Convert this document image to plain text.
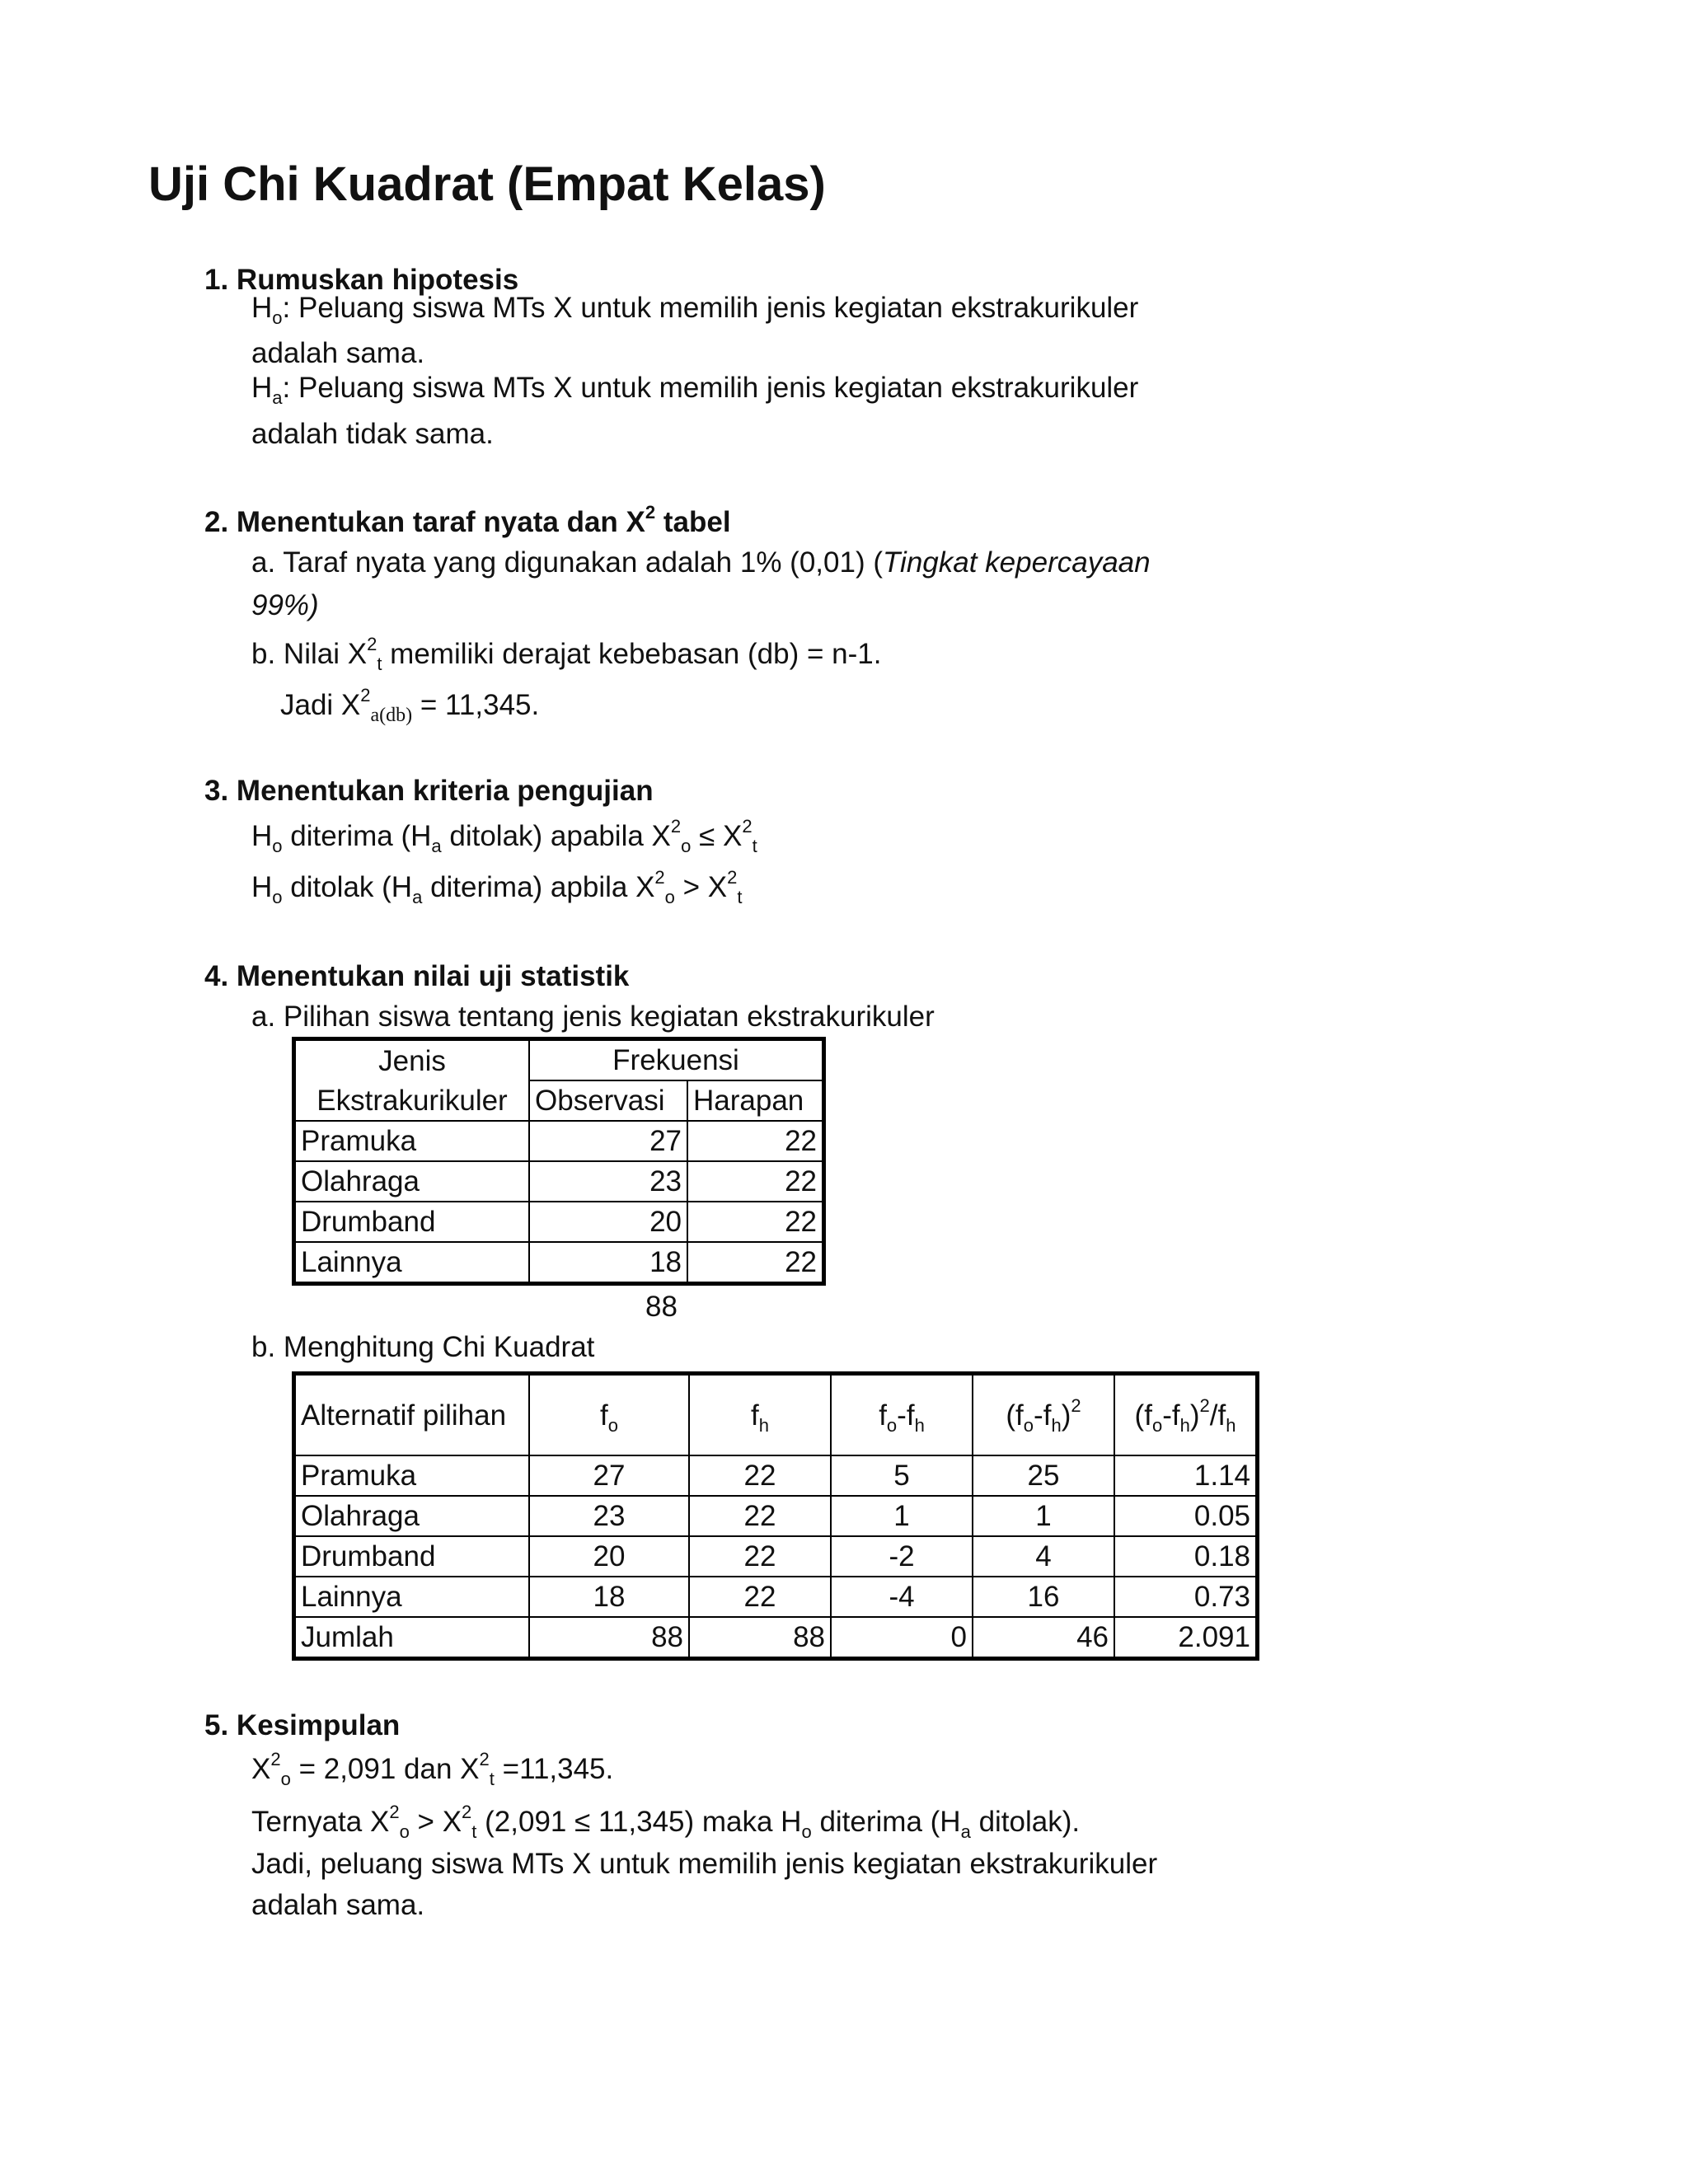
Uji Chi Kuadrat (Empat Kelas)
1. Rumuskan hipotesis
$H_o$: Peluang siswa MTs X untuk memilih jenis kegiatan ekstrakurikuler
adalah sama.
$H_a$: Peluang siswa MTs X untuk memilih jenis kegiatan ekstrakurikuler
adalah tidak sama.
2. Menentukan taraf nyata dan $X^2$ tabel
a. Taraf nyata yang digunakan adalah 1% (0,01) (Tingkat kepercayaan
99%)
b. Nilai $X^2_t$ memiliki derajat kebebasan (db) = n-1.
Jadi $X^2_{a(db)} = 11,345$.
3. Menentukan kriteria pengujian
$H_o$ diterima ($H_a$ ditolak) apabila $X^2_o \le X^2_t$
$H_o$ ditolak ($H_a$ diterima) apbila $X^2_o > X^2_t$
4. Menentukan nilai uji statistik
a. Pilihan siswa tentang jenis kegiatan ekstrakurikuler
Jenis	Frekuensi	
Ekstrakurikuler	Observasi	Harapan
Pramuka	27	22
Olahraga	23	22
Drumband	20	22
Lainnya	18	22
88
b. Menghitung Chi Kuadrat
Alternatif pilihan	$f_o$	$f_h$	$f_o-f_h$	$(f_o-f_h)^2$	$(f_o-f_h)^2/f_h$
Pramuka	27	22	5	25	1.14
Olahraga	23	22	1	1	0.05
Drumband	20	22	-2	4	0.18
Lainnya	18	22	-4	16	0.73
Jumlah	88	88	0	46	2.091
5. Kesimpulan
$X^2_o = 2,091$ dan $X^2_t =11,345$.
Ternyata $X^2_o > X^2_t$ (2,091 ≤ 11,345) maka $H_o$ diterima ($H_a$ ditolak).
Jadi, peluang siswa MTs X untuk memilih jenis kegiatan ekstrakurikuler
adalah sama.
